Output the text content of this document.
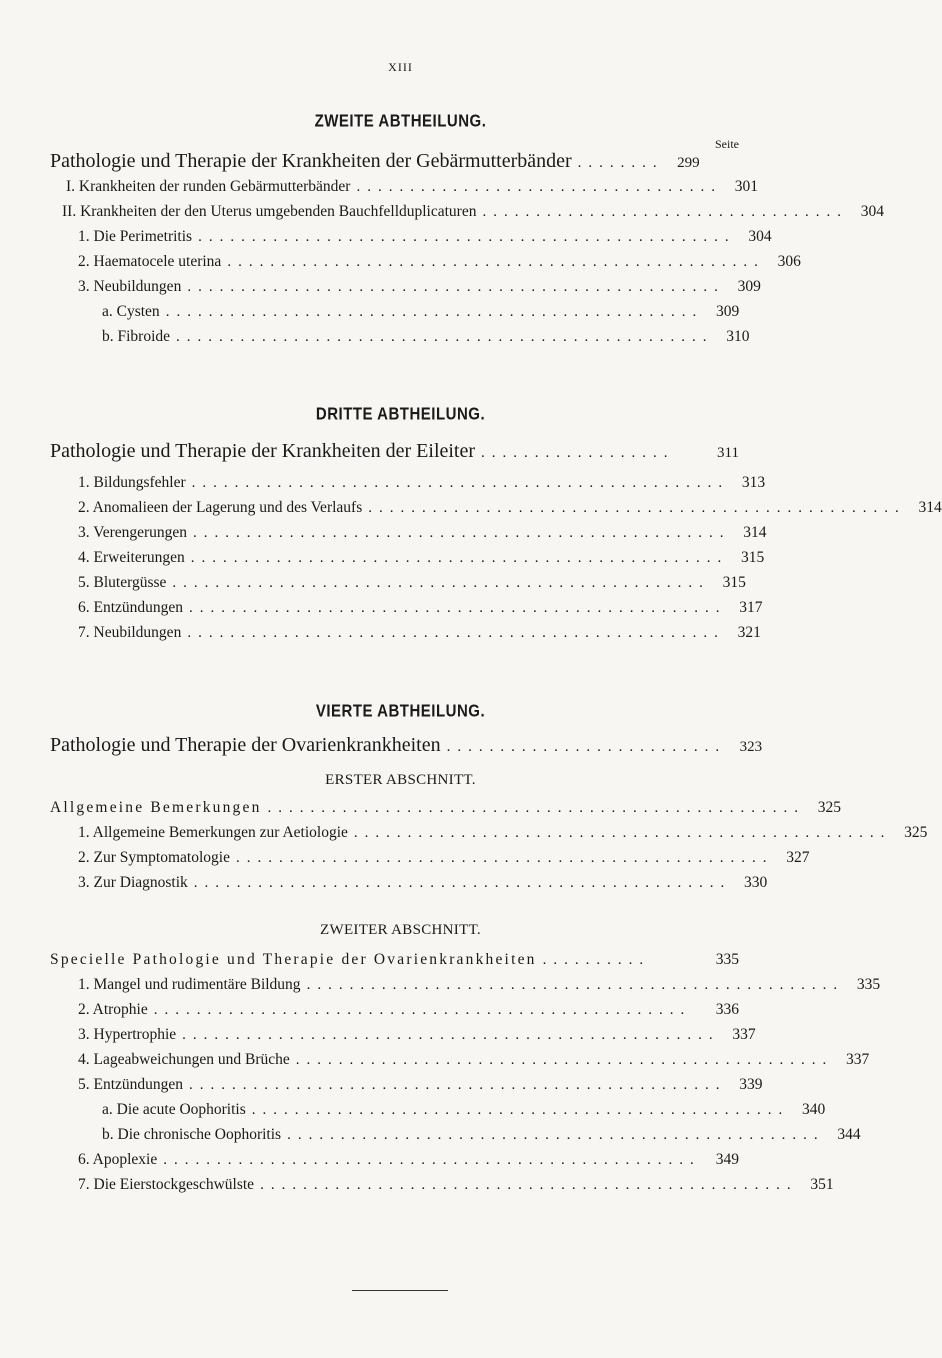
XIII
ZWEITE ABTHEILUNG.
Seite
Pathologie und Therapie der Krankheiten der Gebärmutterbänder ........ 299
I. Krankheiten der runden Gebärmutterbänder .................................. 301
II. Krankheiten der den Uterus umgebenden Bauchfellduplicaturen .................................. 304
1. Die Perimetritis .................................................. 304
2. Haematocele uterina .................................................. 306
3. Neubildungen .................................................. 309
a. Cysten .................................................. 309
b. Fibroide .................................................. 310
DRITTE ABTHEILUNG.
Pathologie und Therapie der Krankheiten der Eileiter ..................	311
1. Bildungsfehler .................................................. 313
2. Anomalieen der Lagerung und des Verlaufs .................................................. 314
3. Verengerungen .................................................. 314
4. Erweiterungen .................................................. 315
5. Blutergüsse .................................................. 315
6. Entzündungen .................................................. 317
7. Neubildungen .................................................. 321
VIERTE ABTHEILUNG.
Pathologie und Therapie der Ovarienkrankheiten .......................... 323
ERSTER ABSCHNITT.
Allgemeine Bemerkungen .................................................. 325
1. Allgemeine Bemerkungen zur Aetiologie .................................................. 325
2. Zur Symptomatologie .................................................. 327
3. Zur Diagnostik .................................................. 330
ZWEITER ABSCHNITT.
Specielle Pathologie und Therapie der Ovarienkrankheiten ..........	335
1. Mangel und rudimentäre Bildung .................................................. 335
2. Atrophie ..................................................	336
3. Hypertrophie .................................................. 337
4. Lageabweichungen und Brüche .................................................. 337
5. Entzündungen .................................................. 339
a. Die acute Oophoritis .................................................. 340
b. Die chronische Oophoritis .................................................. 344
6. Apoplexie .................................................. 349
7. Die Eierstockgeschwülste .................................................. 351
